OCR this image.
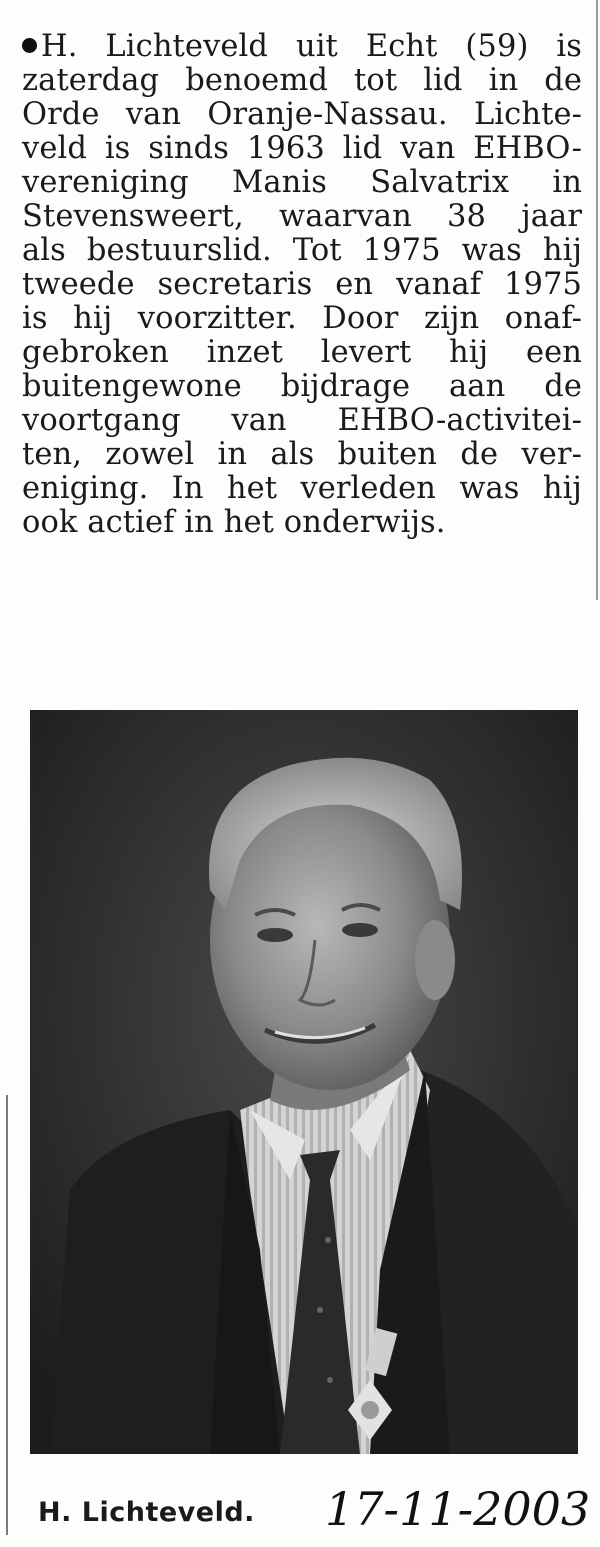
H. Lichteveld uit Echt (59) is
zaterdag benoemd tot lid in de
Orde van Oranje-Nassau. Lichte-
veld is sinds 1963 lid van EHBO-
vereniging Manis Salvatrix in
Stevensweert, waarvan 38 jaar
als bestuurslid. Tot 1975 was hij
tweede secretaris en vanaf 1975
is hij voorzitter. Door zijn onaf-
gebroken inzet levert hij een
buitengewone bijdrage aan de
voortgang van EHBO-activitei-
ten, zowel in als buiten de ver-
eniging. In het verleden was hij
ook actief in het onderwijs.
H. Lichteveld. 17-11-2003
